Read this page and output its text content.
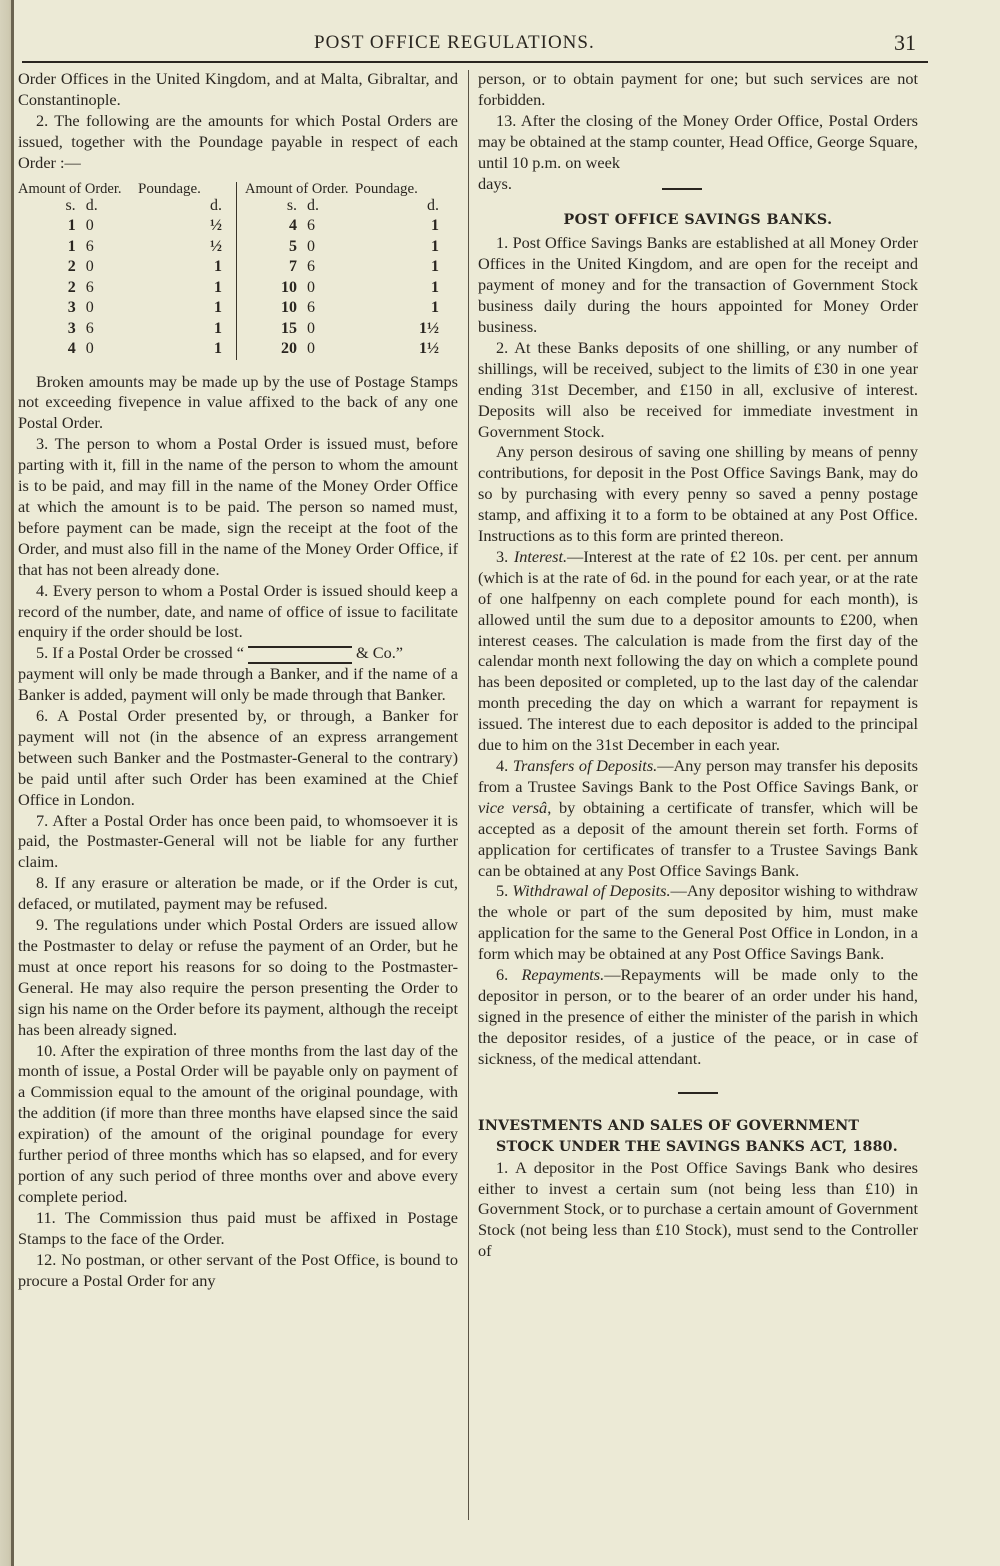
POST OFFICE REGULATIONS.	31

Order Offices in the United Kingdom, and at Malta, Gibraltar, and Constantinople.

2. The following are the amounts for which Postal Orders are issued, together with the Poundage payable in respect of each Order :—

Amount of Order.		Poundage.
s.	d.	d.
1	0	½
1	6	½
2	0	1
2	6	1
3	0	1
3	6	1
4	0	1
Amount of Order.		Poundage.
s.	d.	d.
4	6	1
5	0	1
7	6	1
10	0	1
10	6	1
15	0	1½
20	0	1½

Broken amounts may be made up by the use of Postage Stamps not exceeding fivepence in value affixed to the back of any one Postal Order.

3. The person to whom a Postal Order is issued must, before parting with it, fill in the name of the person to whom the amount is to be paid, and may fill in the name of the Money Order Office at which the amount is to be paid. The person so named must, before payment can be made, sign the receipt at the foot of the Order, and must also fill in the name of the Money Order Office, if that has not been already done.

4. Every person to whom a Postal Order is issued should keep a record of the number, date, and name of office of issue to facilitate enquiry if the order should be lost.

5. If a Postal Order be crossed “	& Co.”

payment will only be made through a Banker, and if the name of a Banker is added, payment will only be made through that Banker.

6. A Postal Order presented by, or through, a Banker for payment will not (in the absence of an express arrangement between such Banker and the Postmaster-General to the contrary) be paid until after such Order has been examined at the Chief Office in London.

7. After a Postal Order has once been paid, to whomsoever it is paid, the Postmaster-General will not be liable for any further claim.

8. If any erasure or alteration be made, or if the Order is cut, defaced, or mutilated, payment may be refused.

9. The regulations under which Postal Orders are issued allow the Postmaster to delay or refuse the payment of an Order, but he must at once report his reasons for so doing to the Postmaster-General. He may also require the person presenting the Order to sign his name on the Order before its payment, although the receipt has been already signed.

10. After the expiration of three months from the last day of the month of issue, a Postal Order will be payable only on payment of a Commission equal to the amount of the original poundage, with the addition (if more than three months have elapsed since the said expiration) of the amount of the original poundage for every further period of three months which has so elapsed, and for every portion of any such period of three months over and above every complete period.

11. The Commission thus paid must be affixed in Postage Stamps to the face of the Order.

12. No postman, or other servant of the Post Office, is bound to procure a Postal Order for any

person, or to obtain payment for one; but such services are not forbidden.

13. After the closing of the Money Order Office, Postal Orders may be obtained at the stamp counter, Head Office, George Square, until 10 p.m. on week

days.

POST OFFICE SAVINGS BANKS.

1. Post Office Savings Banks are established at all Money Order Offices in the United Kingdom, and are open for the receipt and payment of money and for the transaction of Government Stock business daily during the hours appointed for Money Order business.

2. At these Banks deposits of one shilling, or any number of shillings, will be received, subject to the limits of £30 in one year ending 31st December, and £150 in all, exclusive of interest. Deposits will also be received for immediate investment in Government Stock.

Any person desirous of saving one shilling by means of penny contributions, for deposit in the Post Office Savings Bank, may do so by purchasing with every penny so saved a penny postage stamp, and affixing it to a form to be obtained at any Post Office. Instructions as to this form are printed thereon.

3. Interest.—Interest at the rate of £2 10s. per cent. per annum (which is at the rate of 6d. in the pound for each year, or at the rate of one halfpenny on each complete pound for each month), is allowed until the sum due to a depositor amounts to £200, when interest ceases. The calculation is made from the first day of the calendar month next following the day on which a complete pound has been deposited or completed, up to the last day of the calendar month preceding the day on which a warrant for repayment is issued. The interest due to each depositor is added to the principal due to him on the 31st December in each year.

4. Transfers of Deposits.—Any person may transfer his deposits from a Trustee Savings Bank to the Post Office Savings Bank, or vice versâ, by obtaining a certificate of transfer, which will be accepted as a deposit of the amount therein set forth. Forms of application for certificates of transfer to a Trustee Savings Bank can be obtained at any Post Office Savings Bank.

5. Withdrawal of Deposits.—Any depositor wishing to withdraw the whole or part of the sum deposited by him, must make application for the same to the General Post Office in London, in a form which may be obtained at any Post Office Savings Bank.

6. Repayments.—Repayments will be made only to the depositor in person, or to the bearer of an order under his hand, signed in the presence of either the minister of the parish in which the depositor resides, of a justice of the peace, or in case of sickness, of the medical attendant.

INVESTMENTS AND SALES OF GOVERNMENT STOCK UNDER THE SAVINGS BANKS ACT, 1880.

1. A depositor in the Post Office Savings Bank who desires either to invest a certain sum (not being less than £10) in Government Stock, or to purchase a certain amount of Government Stock (not being less than £10 Stock), must send to the Controller of
